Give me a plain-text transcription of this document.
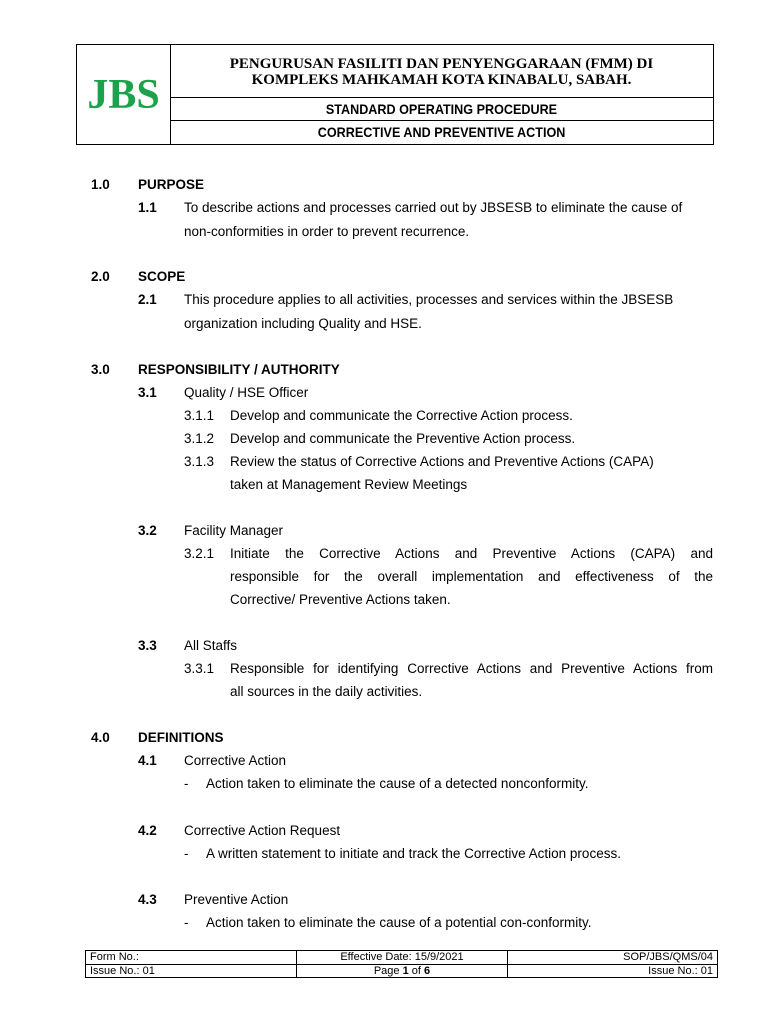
JBS
PENGURUSAN FASILITI DAN PENYENGGARAAN (FMM) DI
KOMPLEKS MAHKAMAH KOTA KINABALU, SABAH.
STANDARD OPERATING PROCEDURE
CORRECTIVE AND PREVENTIVE ACTION
1.0 PURPOSE
1.1 To describe actions and processes carried out by JBSESB to eliminate the cause of
non-conformities in order to prevent recurrence.
2.0 SCOPE
2.1 This procedure applies to all activities, processes and services within the JBSESB
organization including Quality and HSE.
3.0 RESPONSIBILITY / AUTHORITY
3.1 Quality / HSE Officer
3.1.1 Develop and communicate the Corrective Action process.
3.1.2 Develop and communicate the Preventive Action process.
3.1.3 Review the status of Corrective Actions and Preventive Actions (CAPA)
taken at Management Review Meetings
3.2 Facility Manager
3.2.1 Initiate the Corrective Actions and Preventive Actions (CAPA) and
responsible for the overall implementation and effectiveness of the
Corrective/ Preventive Actions taken.
3.3 All Staffs
3.3.1 Responsible for identifying Corrective Actions and Preventive Actions from
all sources in the daily activities.
4.0 DEFINITIONS
4.1 Corrective Action
- Action taken to eliminate the cause of a detected nonconformity.
4.2 Corrective Action Request
- A written statement to initiate and track the Corrective Action process.
4.3 Preventive Action
- Action taken to eliminate the cause of a potential con-conformity.
Form No.:	Effective Date: 15/9/2021	SOP/JBS/QMS/04
Issue No.: 01	Page 1 of 6	Issue No.: 01
